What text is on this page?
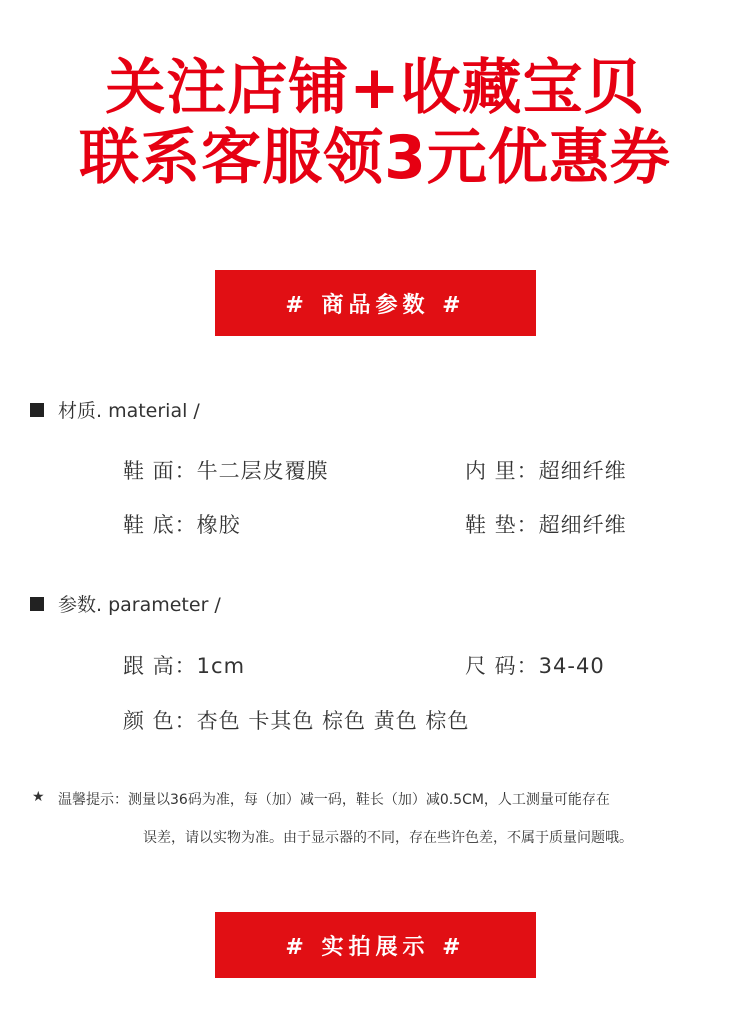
关注店铺+收藏宝贝
联系客服领3元优惠券
# 商品参数 #
材质. material /
鞋 面：牛二层皮覆膜	内 里：超细纤维
鞋 底：橡胶	鞋 垫：超细纤维
参数. parameter /
跟 高：1cm	尺 码：34-40
颜 色：杏色 卡其色 棕色 黄色 棕色
★ 温馨提示：测量以36码为准，每（加）减一码，鞋长（加）减0.5CM，人工测量可能存在
误差，请以实物为准。由于显示器的不同，存在些许色差，不属于质量问题哦。
# 实拍展示 #
